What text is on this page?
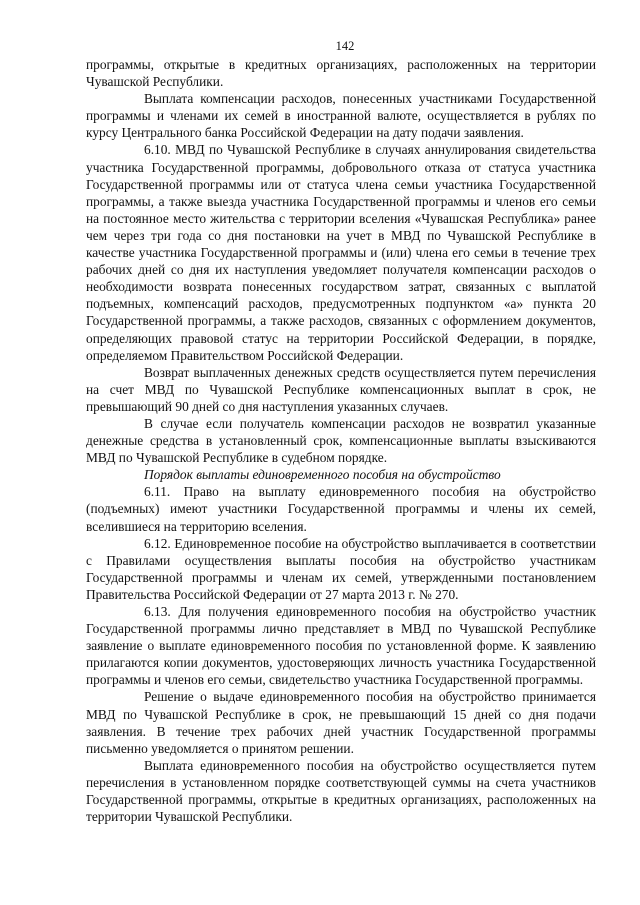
142

программы, открытые в кредитных организациях, расположенных на территории Чувашской Республики.

Выплата компенсации расходов, понесенных участниками Государственной программы и членами их семей в иностранной валюте, осуществляется в рублях по курсу Центрального банка Российской Федерации на дату подачи заявления.

6.10. МВД по Чувашской Республике в случаях аннулирования свидетельства участника Государственной программы, добровольного отказа от статуса участника Государственной программы или от статуса члена семьи участника Государственной программы, а также выезда участника Государственной программы и членов его семьи на постоянное место жительства с территории вселения «Чувашская Республика» ранее чем через три года со дня постановки на учет в МВД по Чувашской Республике в качестве участника Государственной программы и (или) члена его семьи в течение трех рабочих дней со дня их наступления уведомляет получателя компенсации расходов о необходимости возврата понесенных государством затрат, связанных с выплатой подъемных, компенсаций расходов, предусмотренных подпунктом «а» пункта 20 Государственной программы, а также расходов, связанных с оформлением документов, определяющих правовой статус на территории Российской Федерации, в порядке, определяемом Правительством Российской Федерации.

Возврат выплаченных денежных средств осуществляется путем перечисления на счет МВД по Чувашской Республике компенсационных выплат в срок, не превышающий 90 дней со дня наступления указанных случаев.

В случае если получатель компенсации расходов не возвратил указанные денежные средства в установленный срок, компенсационные выплаты взыскиваются МВД по Чувашской Республике в судебном порядке.

Порядок выплаты единовременного пособия на обустройство

6.11. Право на выплату единовременного пособия на обустройство (подъемных) имеют участники Государственной программы и члены их семей, вселившиеся на территорию вселения.

6.12. Единовременное пособие на обустройство выплачивается в соответствии с Правилами осуществления выплаты пособия на обустройство участникам Государственной программы и членам их семей, утвержденными постановлением Правительства Российской Федерации от 27 марта 2013 г. № 270.

6.13. Для получения единовременного пособия на обустройство участник Государственной программы лично представляет в МВД по Чувашской Республике заявление о выплате единовременного пособия по установленной форме. К заявлению прилагаются копии документов, удостоверяющих личность участника Государственной программы и членов его семьи, свидетельство участника Государственной программы.

Решение о выдаче единовременного пособия на обустройство принимается МВД по Чувашской Республике в срок, не превышающий 15 дней со дня подачи заявления. В течение трех рабочих дней участник Государственной программы письменно уведомляется о принятом решении.

Выплата единовременного пособия на обустройство осуществляется путем перечисления в установленном порядке соответствующей суммы на счета участников Государственной программы, открытые в кредитных организациях, расположенных на территории Чувашской Республики.
